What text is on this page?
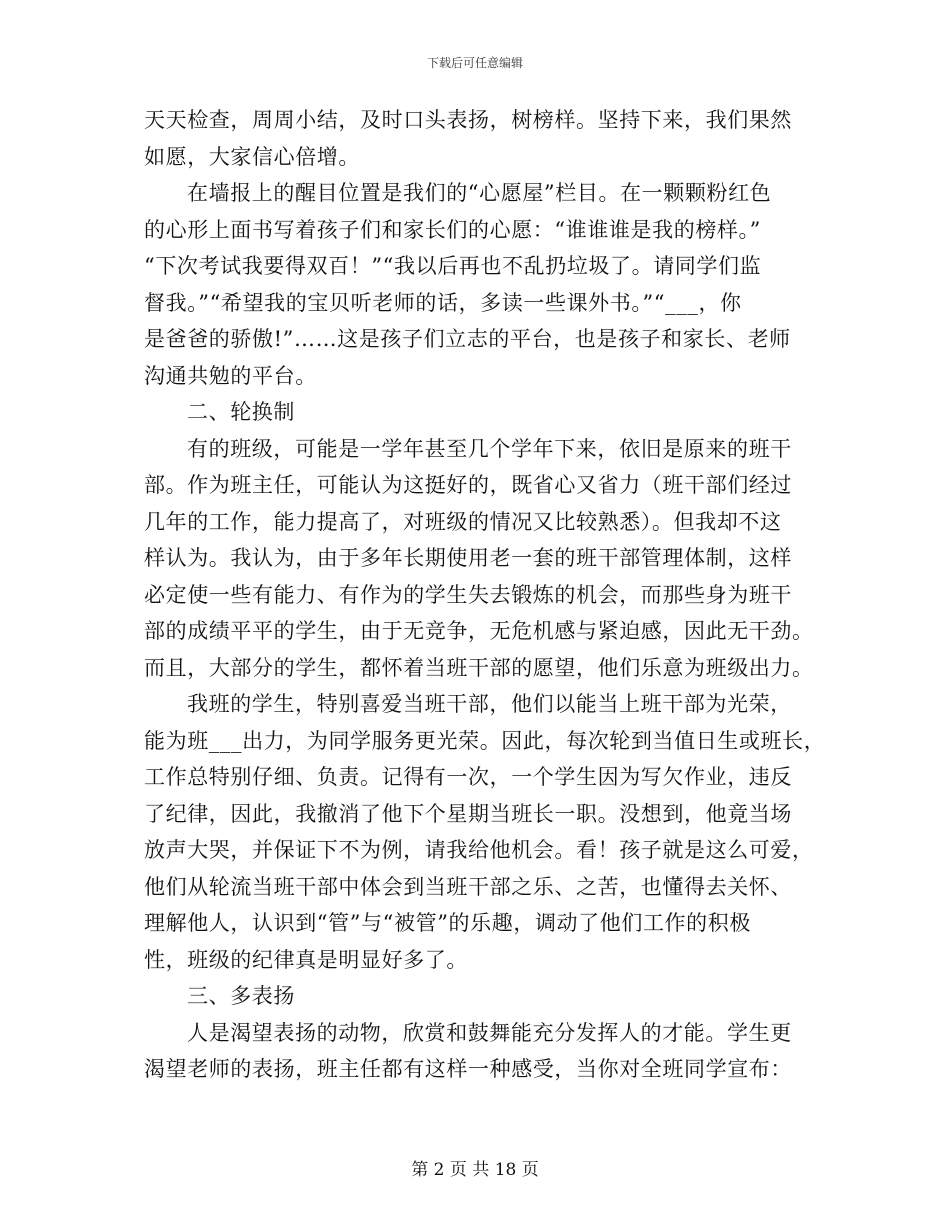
下载后可任意编辑
天天检查，周周小结，及时口头表扬，树榜样。坚持下来，我们果然
如愿，大家信心倍增。
在墙报上的醒目位置是我们的“心愿屋”栏目。在一颗颗粉红色
的心形上面书写着孩子们和家长们的心愿：“谁谁谁是我的榜样。”
“下次考试我要得双百！”“我以后再也不乱扔垃圾了。请同学们监
督我。”“希望我的宝贝听老师的话，多读一些课外书。”“___，你
是爸爸的骄傲!”……这是孩子们立志的平台，也是孩子和家长、老师
沟通共勉的平台。
二、轮换制
有的班级，可能是一学年甚至几个学年下来，依旧是原来的班干
部。作为班主任，可能认为这挺好的，既省心又省力（班干部们经过
几年的工作，能力提高了，对班级的情况又比较熟悉）。但我却不这
样认为。我认为，由于多年长期使用老一套的班干部管理体制，这样
必定使一些有能力、有作为的学生失去锻炼的机会，而那些身为班干
部的成绩平平的学生，由于无竞争，无危机感与紧迫感，因此无干劲。
而且，大部分的学生，都怀着当班干部的愿望，他们乐意为班级出力。
我班的学生，特别喜爱当班干部，他们以能当上班干部为光荣，
能为班___出力，为同学服务更光荣。因此，每次轮到当值日生或班长，
工作总特别仔细、负责。记得有一次，一个学生因为写欠作业，违反
了纪律，因此，我撤消了他下个星期当班长一职。没想到，他竟当场
放声大哭，并保证下不为例，请我给他机会。看！孩子就是这么可爱，
他们从轮流当班干部中体会到当班干部之乐、之苦，也懂得去关怀、
理解他人，认识到“管”与“被管”的乐趣，调动了他们工作的积极
性，班级的纪律真是明显好多了。
三、多表扬
人是渴望表扬的动物，欣赏和鼓舞能充分发挥人的才能。学生更
渴望老师的表扬，班主任都有这样一种感受，当你对全班同学宣布：
第 2 页 共 18 页
